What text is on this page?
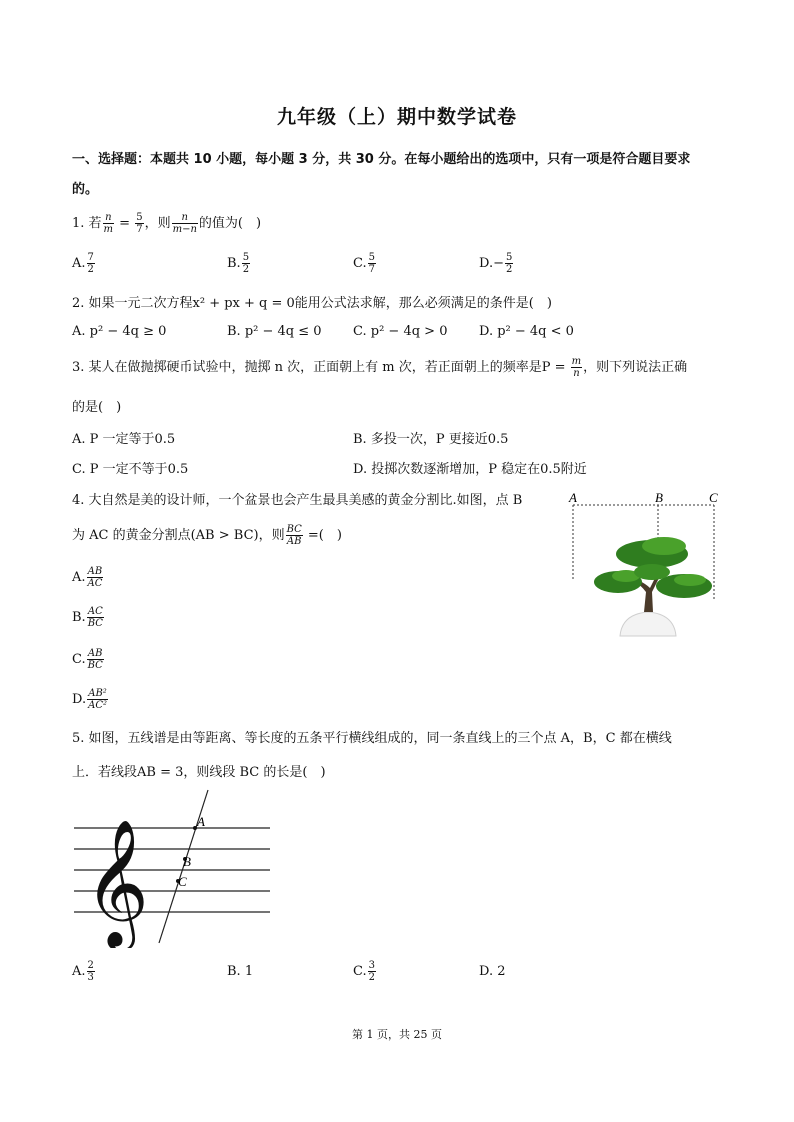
九年级（上）期中数学试卷
一、选择题：本题共 10 小题，每小题 3 分，共 30 分。在每小题给出的选项中，只有一项是符合题目要求
的。
1. 若 $\frac{n}{m} = \frac{5}{7}$ ，则 $\frac{n}{m-n}$ 的值为(　)
A. $\frac{7}{2}$	B. $\frac{5}{2}$	C. $\frac{5}{7}$	$D.- \frac{5}{2}$
2. 如果一元二次方程x² + px + q = 0能用公式法求解，那么必须满足的条件是(　)
A. p² − 4q ≥ 0	B. p² − 4q ≤ 0 C. p² − 4q > 0 D. p² − 4q < 0
3. 某人在做抛掷硬币试验中，抛掷 n 次，正面朝上有 m 次，若正面朝上的频率是$P = \frac{m}{n}$ ，则下列说法正确
的是(　)
A. P 一定等于0.5	B. 多投一次，P 更接近0.5
C. P 一定不等于0.5	D. 投掷次数逐渐增加，P 稳定在0.5附近
4. 大自然是美的设计师，一个盆景也会产生最具美感的黄金分割比.如图，点 B
为 AC 的黄金分割点(AB > BC)，则 $\frac{BC}{AB}$ =(　)
A. $\frac{AB}{AC}$
B. $\frac{AC}{BC}$
C. $\frac{AB}{BC}$
D. $\frac{\text{AB²}}{\text{AC²}}$
A	B	C
5. 如图，五线谱是由等距离、等长度的五条平行横线组成的，同一条直线上的三个点 A，B，C 都在横线
上．若线段AB = 3，则线段 BC 的长是(　)
𝄞	A
B
C
A. $\frac{2}{3}$	B. 1	C. $\frac{3}{2}$	D. 2
第 1 页，共 25 页
